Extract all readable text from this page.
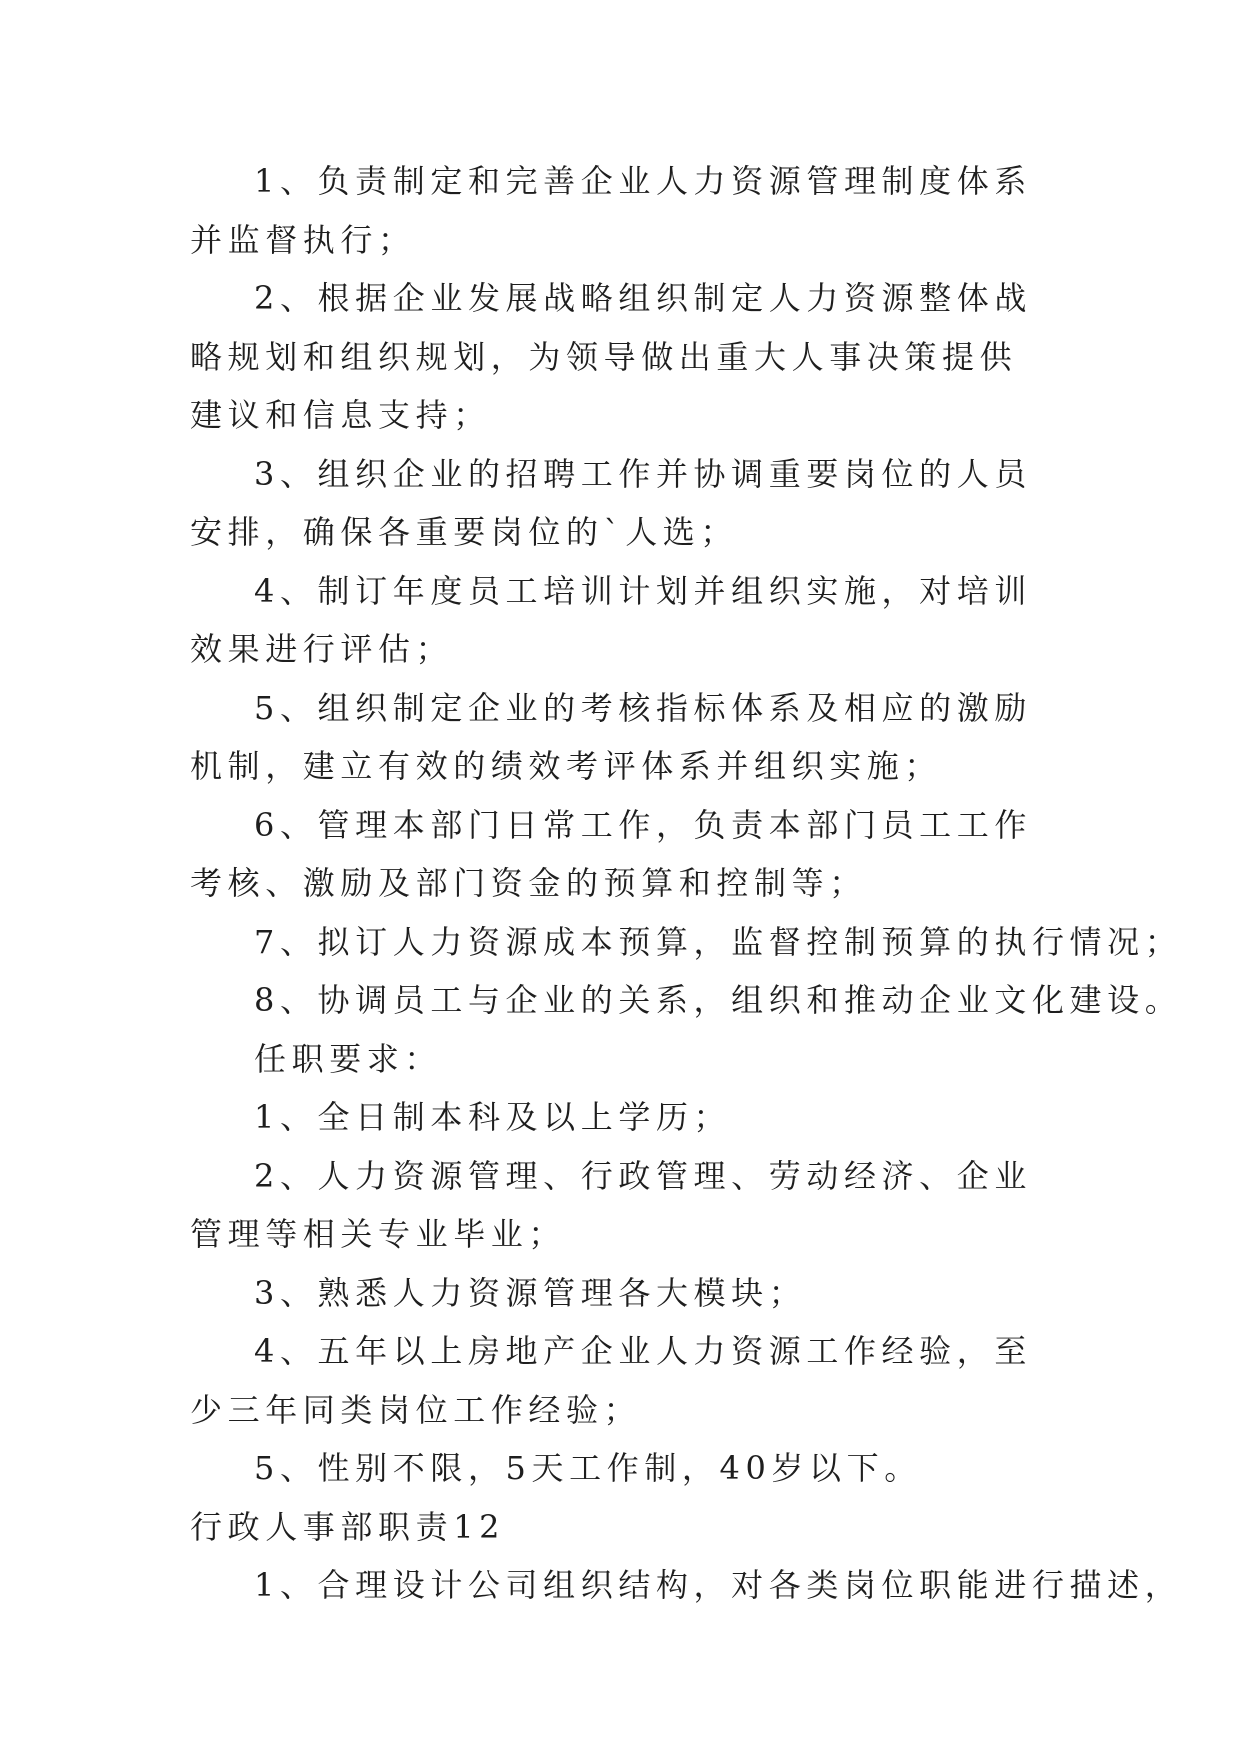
1、负责制定和完善企业人力资源管理制度体系并监督执行；

2、根据企业发展战略组织制定人力资源整体战略规划和组织规划，为领导做出重大人事决策提供建议和信息支持；

3、组织企业的招聘工作并协调重要岗位的人员安排，确保各重要岗位的`人选；

4、制订年度员工培训计划并组织实施，对培训效果进行评估；

5、组织制定企业的考核指标体系及相应的激励机制，建立有效的绩效考评体系并组织实施；

6、管理本部门日常工作，负责本部门员工工作考核、激励及部门资金的预算和控制等；

7、拟订人力资源成本预算，监督控制预算的执行情况；

8、协调员工与企业的关系，组织和推动企业文化建设。

任职要求：

1、全日制本科及以上学历；

2、人力资源管理、行政管理、劳动经济、企业管理等相关专业毕业；

3、熟悉人力资源管理各大模块；

4、五年以上房地产企业人力资源工作经验，至少三年同类岗位工作经验；

5、性别不限，5天工作制，40岁以下。

行政人事部职责12

1、合理设计公司组织结构，对各类岗位职能进行描述，
